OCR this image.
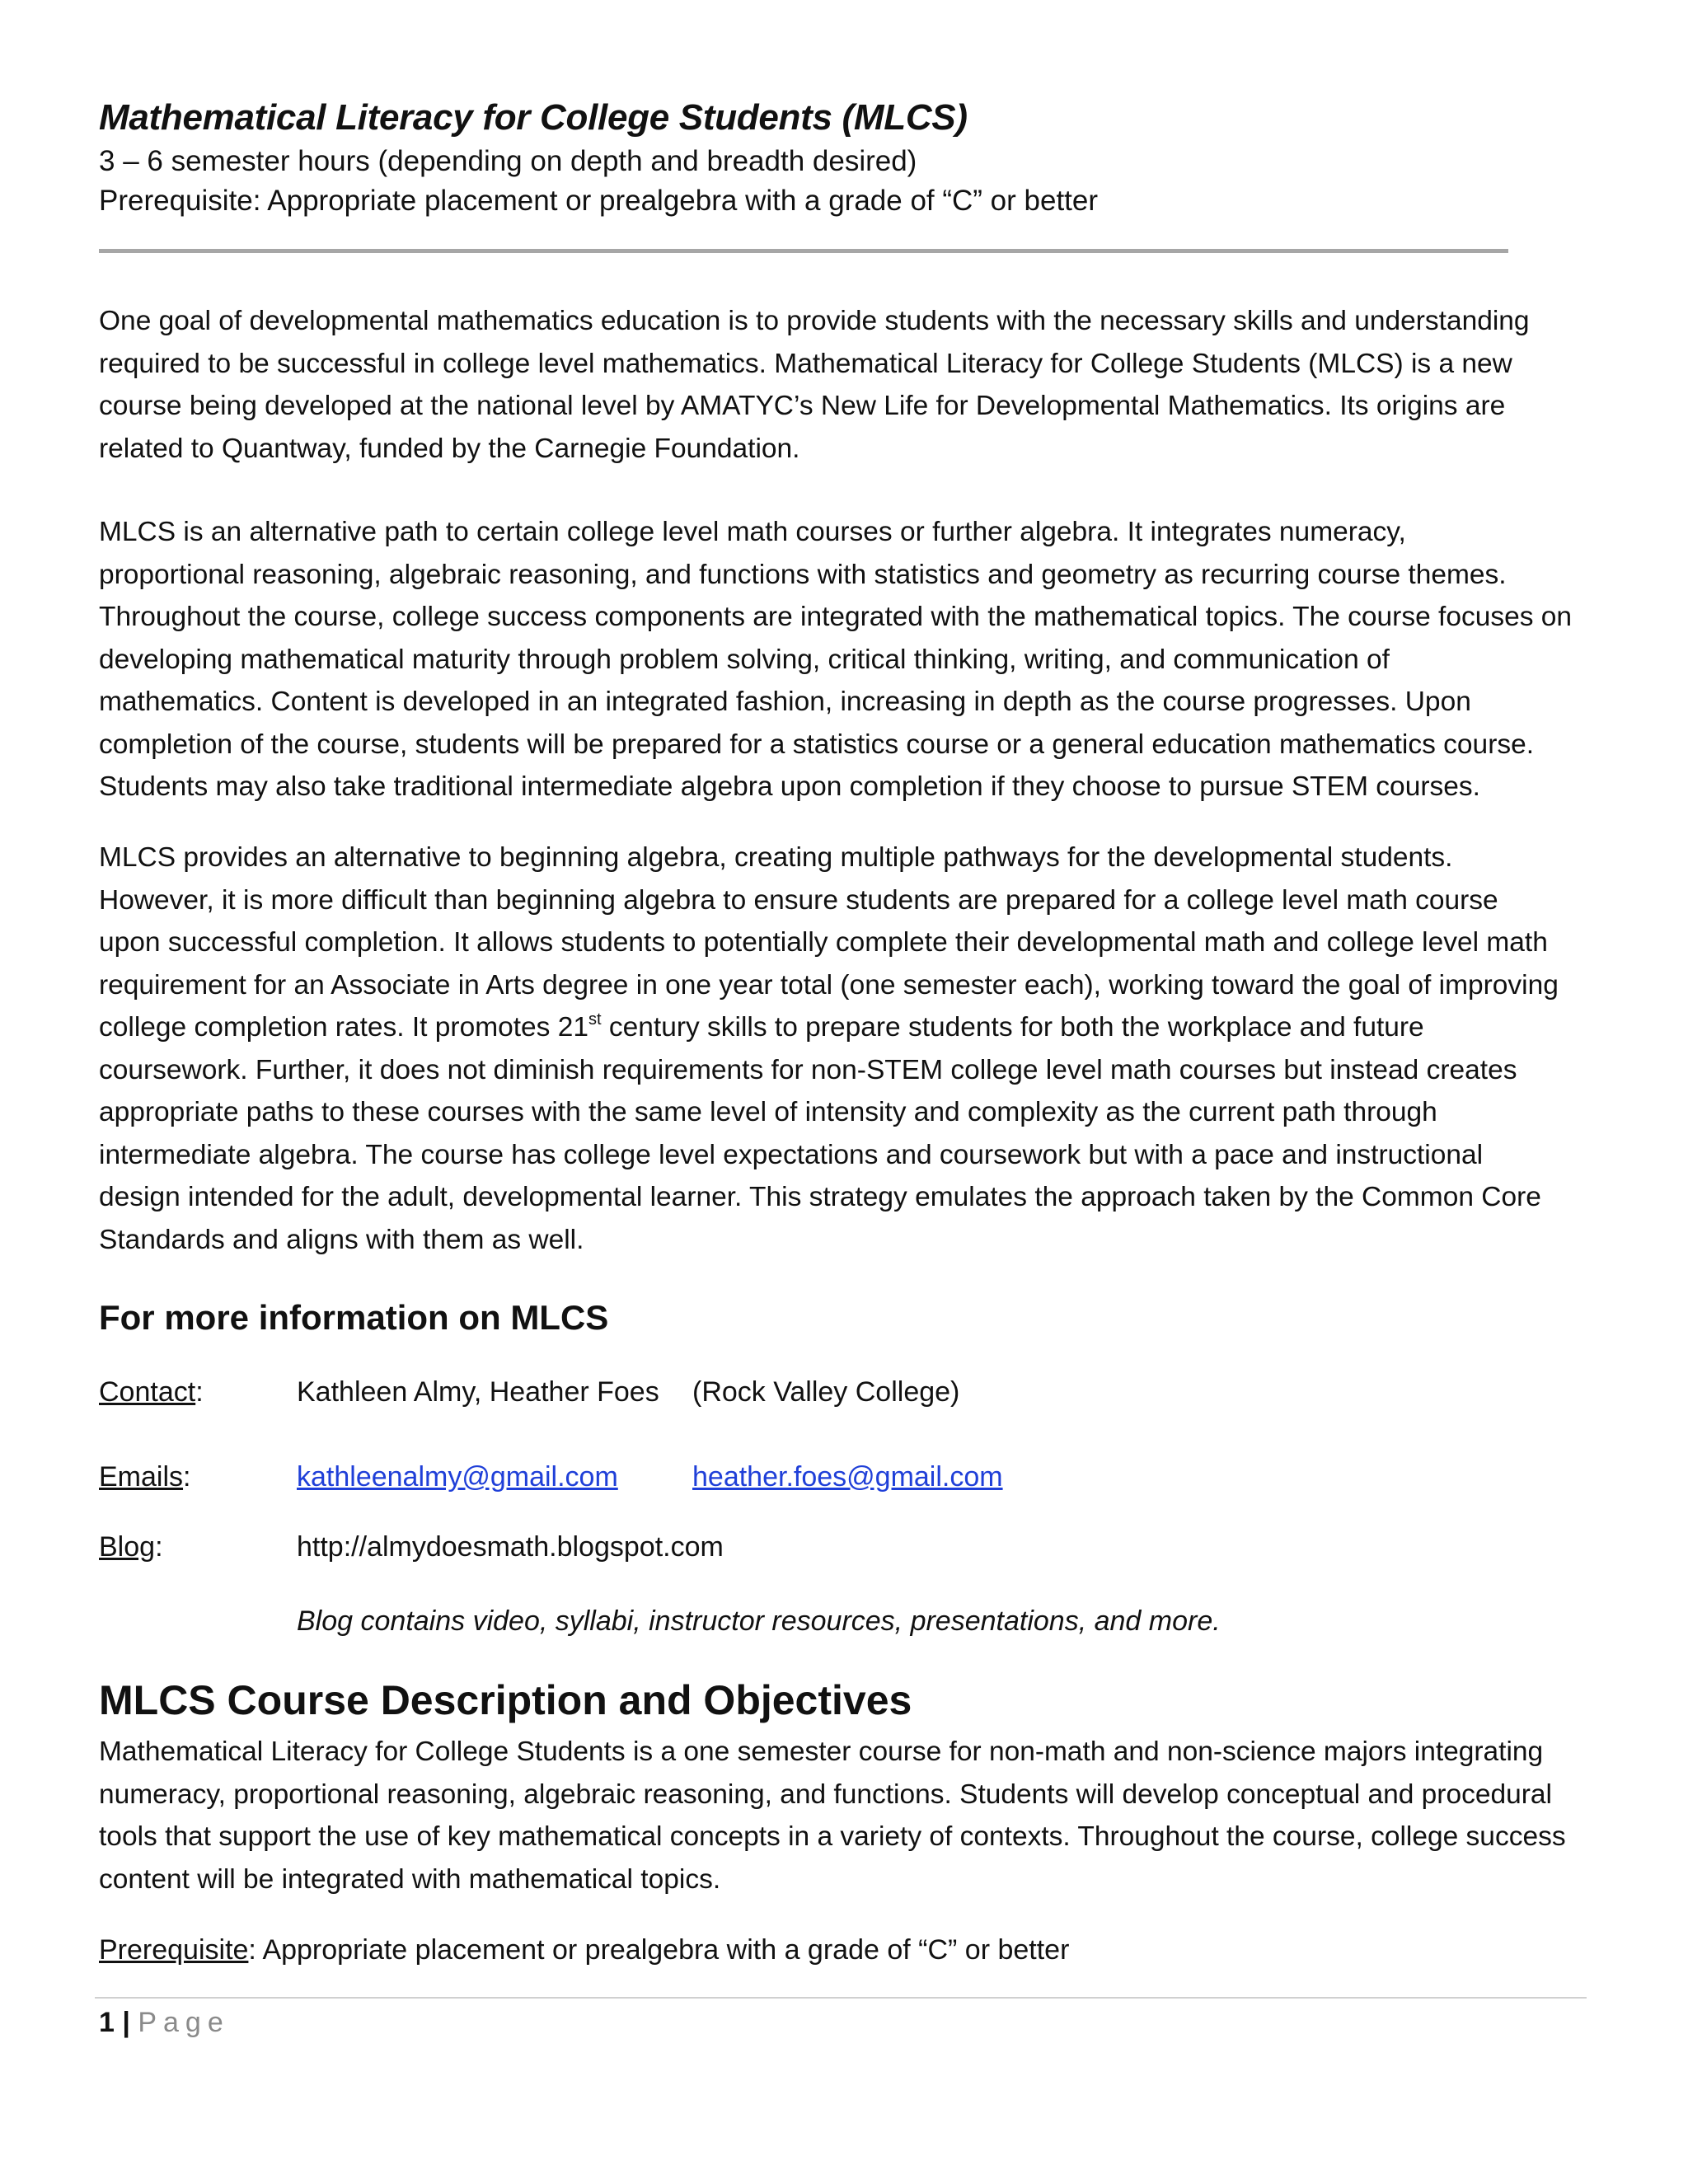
Mathematical Literacy for College Students (MLCS)
3 – 6 semester hours (depending on depth and breadth desired)
Prerequisite: Appropriate placement or prealgebra with a grade of “C” or better

One goal of developmental mathematics education is to provide students with the necessary skills and understanding
required to be successful in college level mathematics. Mathematical Literacy for College Students (MLCS) is a new
course being developed at the national level by AMATYC’s New Life for Developmental Mathematics. Its origins are
related to Quantway, funded by the Carnegie Foundation.

MLCS is an alternative path to certain college level math courses or further algebra. It integrates numeracy,
proportional reasoning, algebraic reasoning, and functions with statistics and geometry as recurring course themes.
Throughout the course, college success components are integrated with the mathematical topics. The course focuses on
developing mathematical maturity through problem solving, critical thinking, writing, and communication of
mathematics. Content is developed in an integrated fashion, increasing in depth as the course progresses. Upon
completion of the course, students will be prepared for a statistics course or a general education mathematics course.
Students may also take traditional intermediate algebra upon completion if they choose to pursue STEM courses.

MLCS provides an alternative to beginning algebra, creating multiple pathways for the developmental students.
However, it is more difficult than beginning algebra to ensure students are prepared for a college level math course
upon successful completion. It allows students to potentially complete their developmental math and college level math
requirement for an Associate in Arts degree in one year total (one semester each), working toward the goal of improving
college completion rates. It promotes 21st century skills to prepare students for both the workplace and future
coursework. Further, it does not diminish requirements for non-STEM college level math courses but instead creates
appropriate paths to these courses with the same level of intensity and complexity as the current path through
intermediate algebra. The course has college level expectations and coursework but with a pace and instructional
design intended for the adult, developmental learner. This strategy emulates the approach taken by the Common Core
Standards and aligns with them as well.

For more information on MLCS
Contact:	Kathleen Almy, Heather Foes (Rock Valley College)
Emails:	kathleenalmy@gmail.com	heather.foes@gmail.com
Blog:	http://almydoesmath.blogspot.com
Blog contains video, syllabi, instructor resources, presentations, and more.
MLCS Course Description and Objectives

Mathematical Literacy for College Students is a one semester course for non-math and non-science majors integrating
numeracy, proportional reasoning, algebraic reasoning, and functions. Students will develop conceptual and procedural
tools that support the use of key mathematical concepts in a variety of contexts. Throughout the course, college success
content will be integrated with mathematical topics.

Prerequisite: Appropriate placement or prealgebra with a grade of “C” or better
1 | Page
